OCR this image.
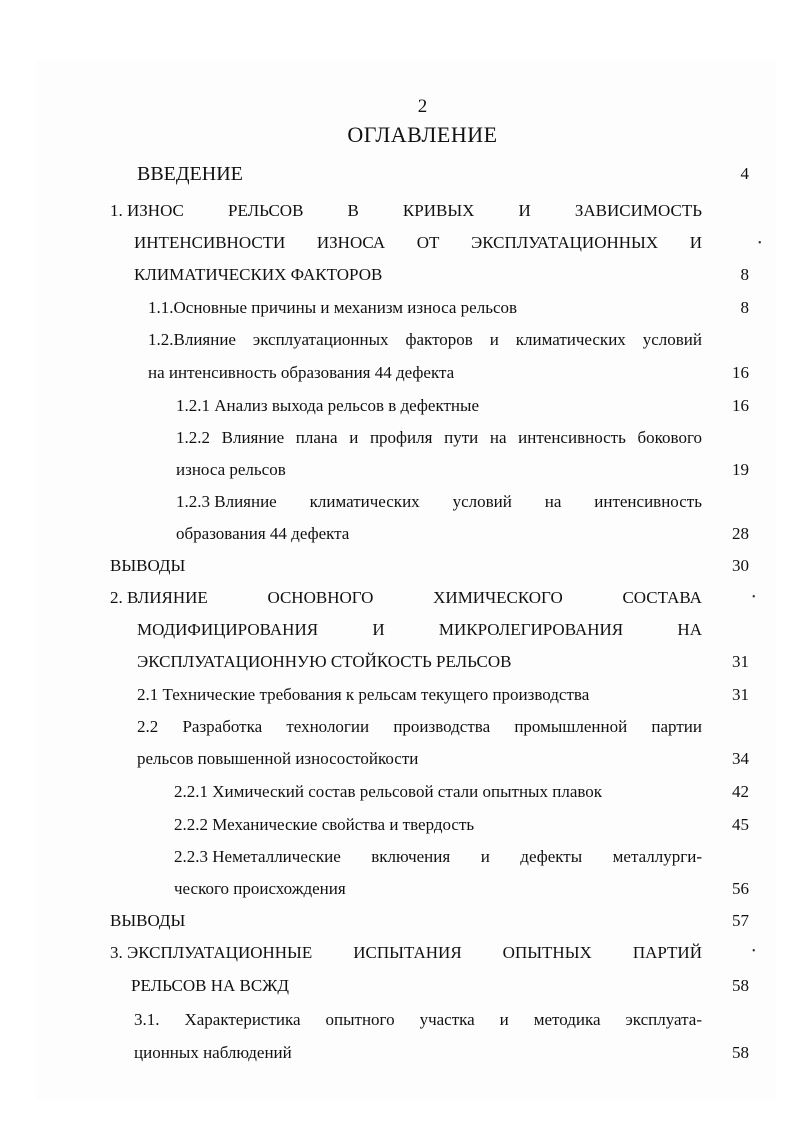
2
ОГЛАВЛЕНИЕ
ВВЕДЕНИЕ	4
1. ИЗНОС	РЕЛЬСОВ	В	КРИВЫХ	И	ЗАВИСИМОСТЬ
ИНТЕНСИВНОСТИ ИЗНОСА ОТ ЭКСПЛУАТАЦИОННЫХ И
КЛИМАТИЧЕСКИХ ФАКТОРОВ	8
1.1.Основные причины и механизм износа рельсов	8
1.2.Влияние эксплуатационных факторов и климатических условий
на интенсивность образования 44 дефекта	16
1.2.1 Анализ выхода рельсов в дефектные	16
1.2.2 Влияние плана и профиля пути на интенсивность бокового
износа рельсов	19
1.2.3 Влияние климатических условий на интенсивность
образования 44 дефекта	28
ВЫВОДЫ	30
2. ВЛИЯНИЕ	ОСНОВНОГО	ХИМИЧЕСКОГО	СОСТАВА
МОДИФИЦИРОВАНИЯ	И	МИКРОЛЕГИРОВАНИЯ	НА
ЭКСПЛУАТАЦИОННУЮ СТОЙКОСТЬ РЕЛЬСОВ	31
2.1 Технические требования к рельсам текущего производства	31
2.2 Разработка технологии производства промышленной партии
рельсов повышенной износостойкости	34
2.2.1 Химический состав рельсовой стали опытных плавок	42
2.2.2 Механические свойства и твердость	45
2.2.3 Неметаллические включения и дефекты металлурги-
ческого происхождения	56
ВЫВОДЫ	57
3. ЭКСПЛУАТАЦИОННЫЕ ИСПЫТАНИЯ ОПЫТНЫХ ПАРТИЙ
РЕЛЬСОВ НА ВСЖД	58
3.1. Характеристика опытного участка и методика эксплуата-
ционных наблюдений	58
•
•
•
